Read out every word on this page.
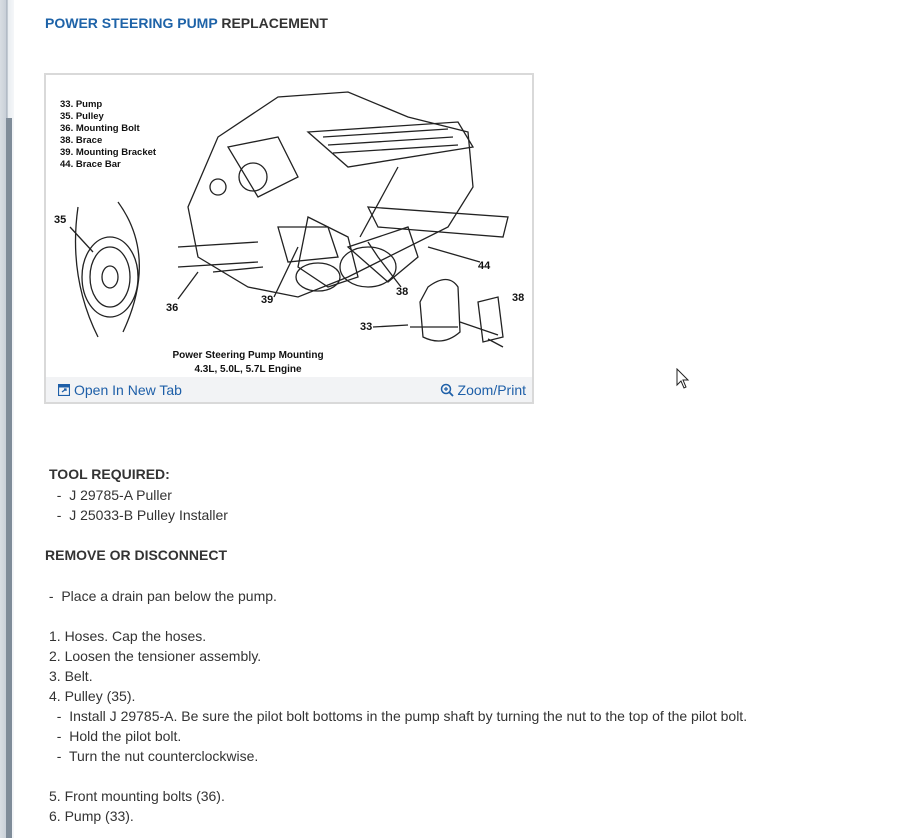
POWER STEERING PUMP REPLACEMENT
33. Pump
35. Pulley
36. Mounting Bolt
38. Brace
39. Mounting Bracket
44. Brace Bar
35
36
39
38
33
44
38
Power Steering Pump Mounting
4.3L, 5.0L, 5.7L Engine
Open In New Tab	Zoom/Print
TOOL REQUIRED:
-  J 29785-A Puller
-  J 25033-B Pulley Installer
REMOVE OR DISCONNECT
-  Place a drain pan below the pump.
1. Hoses. Cap the hoses.
2. Loosen the tensioner assembly.
3. Belt.
4. Pulley (35).
-  Install J 29785-A. Be sure the pilot bolt bottoms in the pump shaft by turning the nut to the top of the pilot bolt.
-  Hold the pilot bolt.
-  Turn the nut counterclockwise.
5. Front mounting bolts (36).
6. Pump (33).
